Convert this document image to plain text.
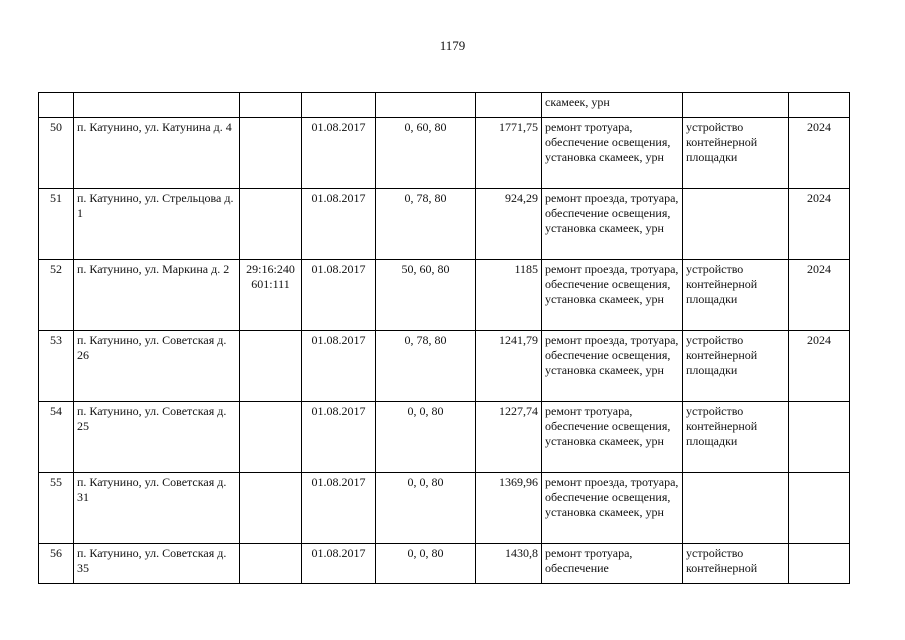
1179
						скамеек, урн		
50	п. Катунино, ул. Катунина д. 4		01.08.2017	0, 60, 80	1771,75	ремонт тротуара, обеспечение освещения, установка скамеек, урн	устройство контейнерной площадки	2024
51	п. Катунино, ул. Стрельцова д. 1		01.08.2017	0, 78, 80	924,29	ремонт проезда, тротуара, обеспечение освещения, установка скамеек, урн		2024
52	п. Катунино, ул. Маркина д. 2	29:16:240 601:111	01.08.2017	50, 60, 80	1185	ремонт проезда, тротуара, обеспечение освещения, установка скамеек, урн	устройство контейнерной площадки	2024
53	п. Катунино, ул. Советская д. 26		01.08.2017	0, 78, 80	1241,79	ремонт проезда, тротуара, обеспечение освещения, установка скамеек, урн	устройство контейнерной площадки	2024
54	п. Катунино, ул. Советская д. 25		01.08.2017	0, 0, 80	1227,74	ремонт тротуара, обеспечение освещения, установка скамеек, урн	устройство контейнерной площадки	
55	п. Катунино, ул. Советская д. 31		01.08.2017	0, 0, 80	1369,96	ремонт проезда, тротуара, обеспечение освещения, установка скамеек, урн		
56	п. Катунино, ул. Советская д. 35		01.08.2017	0, 0, 80	1430,8	ремонт тротуара, обеспечение	устройство контейнерной	
